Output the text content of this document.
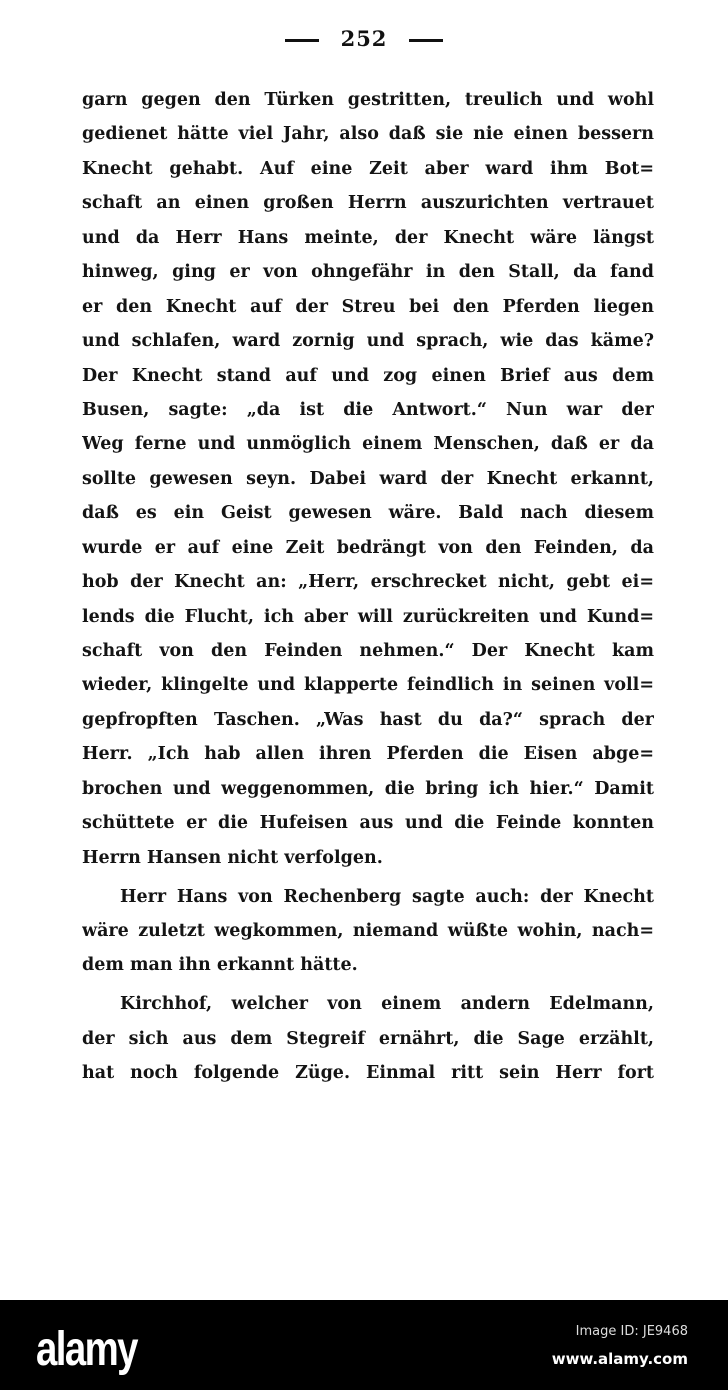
252
garn gegen den Türken gestritten, treulich und wohl
gedienet hätte viel Jahr, also daß sie nie einen bessern
Knecht gehabt. Auf eine Zeit aber ward ihm Bot=
schaft an einen großen Herrn auszurichten vertrauet
und da Herr Hans meinte, der Knecht wäre längst
hinweg, ging er von ohngefähr in den Stall, da fand
er den Knecht auf der Streu bei den Pferden liegen
und schlafen, ward zornig und sprach, wie das käme?
Der Knecht stand auf und zog einen Brief aus dem
Busen, sagte: „da ist die Antwort.“ Nun war der
Weg ferne und unmöglich einem Menschen, daß er da
sollte gewesen seyn. Dabei ward der Knecht erkannt,
daß es ein Geist gewesen wäre. Bald nach diesem
wurde er auf eine Zeit bedrängt von den Feinden, da
hob der Knecht an: „Herr, erschrecket nicht, gebt ei=
lends die Flucht, ich aber will zurückreiten und Kund=
schaft von den Feinden nehmen.“ Der Knecht kam
wieder, klingelte und klapperte feindlich in seinen voll=
gepfropften Taschen. „Was hast du da?“ sprach der
Herr. „Ich hab allen ihren Pferden die Eisen abge=
brochen und weggenommen, die bring ich hier.“ Damit
schüttete er die Hufeisen aus und die Feinde konnten
Herrn Hansen nicht verfolgen.
Herr Hans von Rechenberg sagte auch: der Knecht
wäre zuletzt wegkommen, niemand wüßte wohin, nach=
dem man ihn erkannt hätte.
Kirchhof, welcher von einem andern Edelmann,
der sich aus dem Stegreif ernährt, die Sage erzählt,
hat noch folgende Züge. Einmal ritt sein Herr fort
alamy	Image ID: JE9468
www.alamy.com
